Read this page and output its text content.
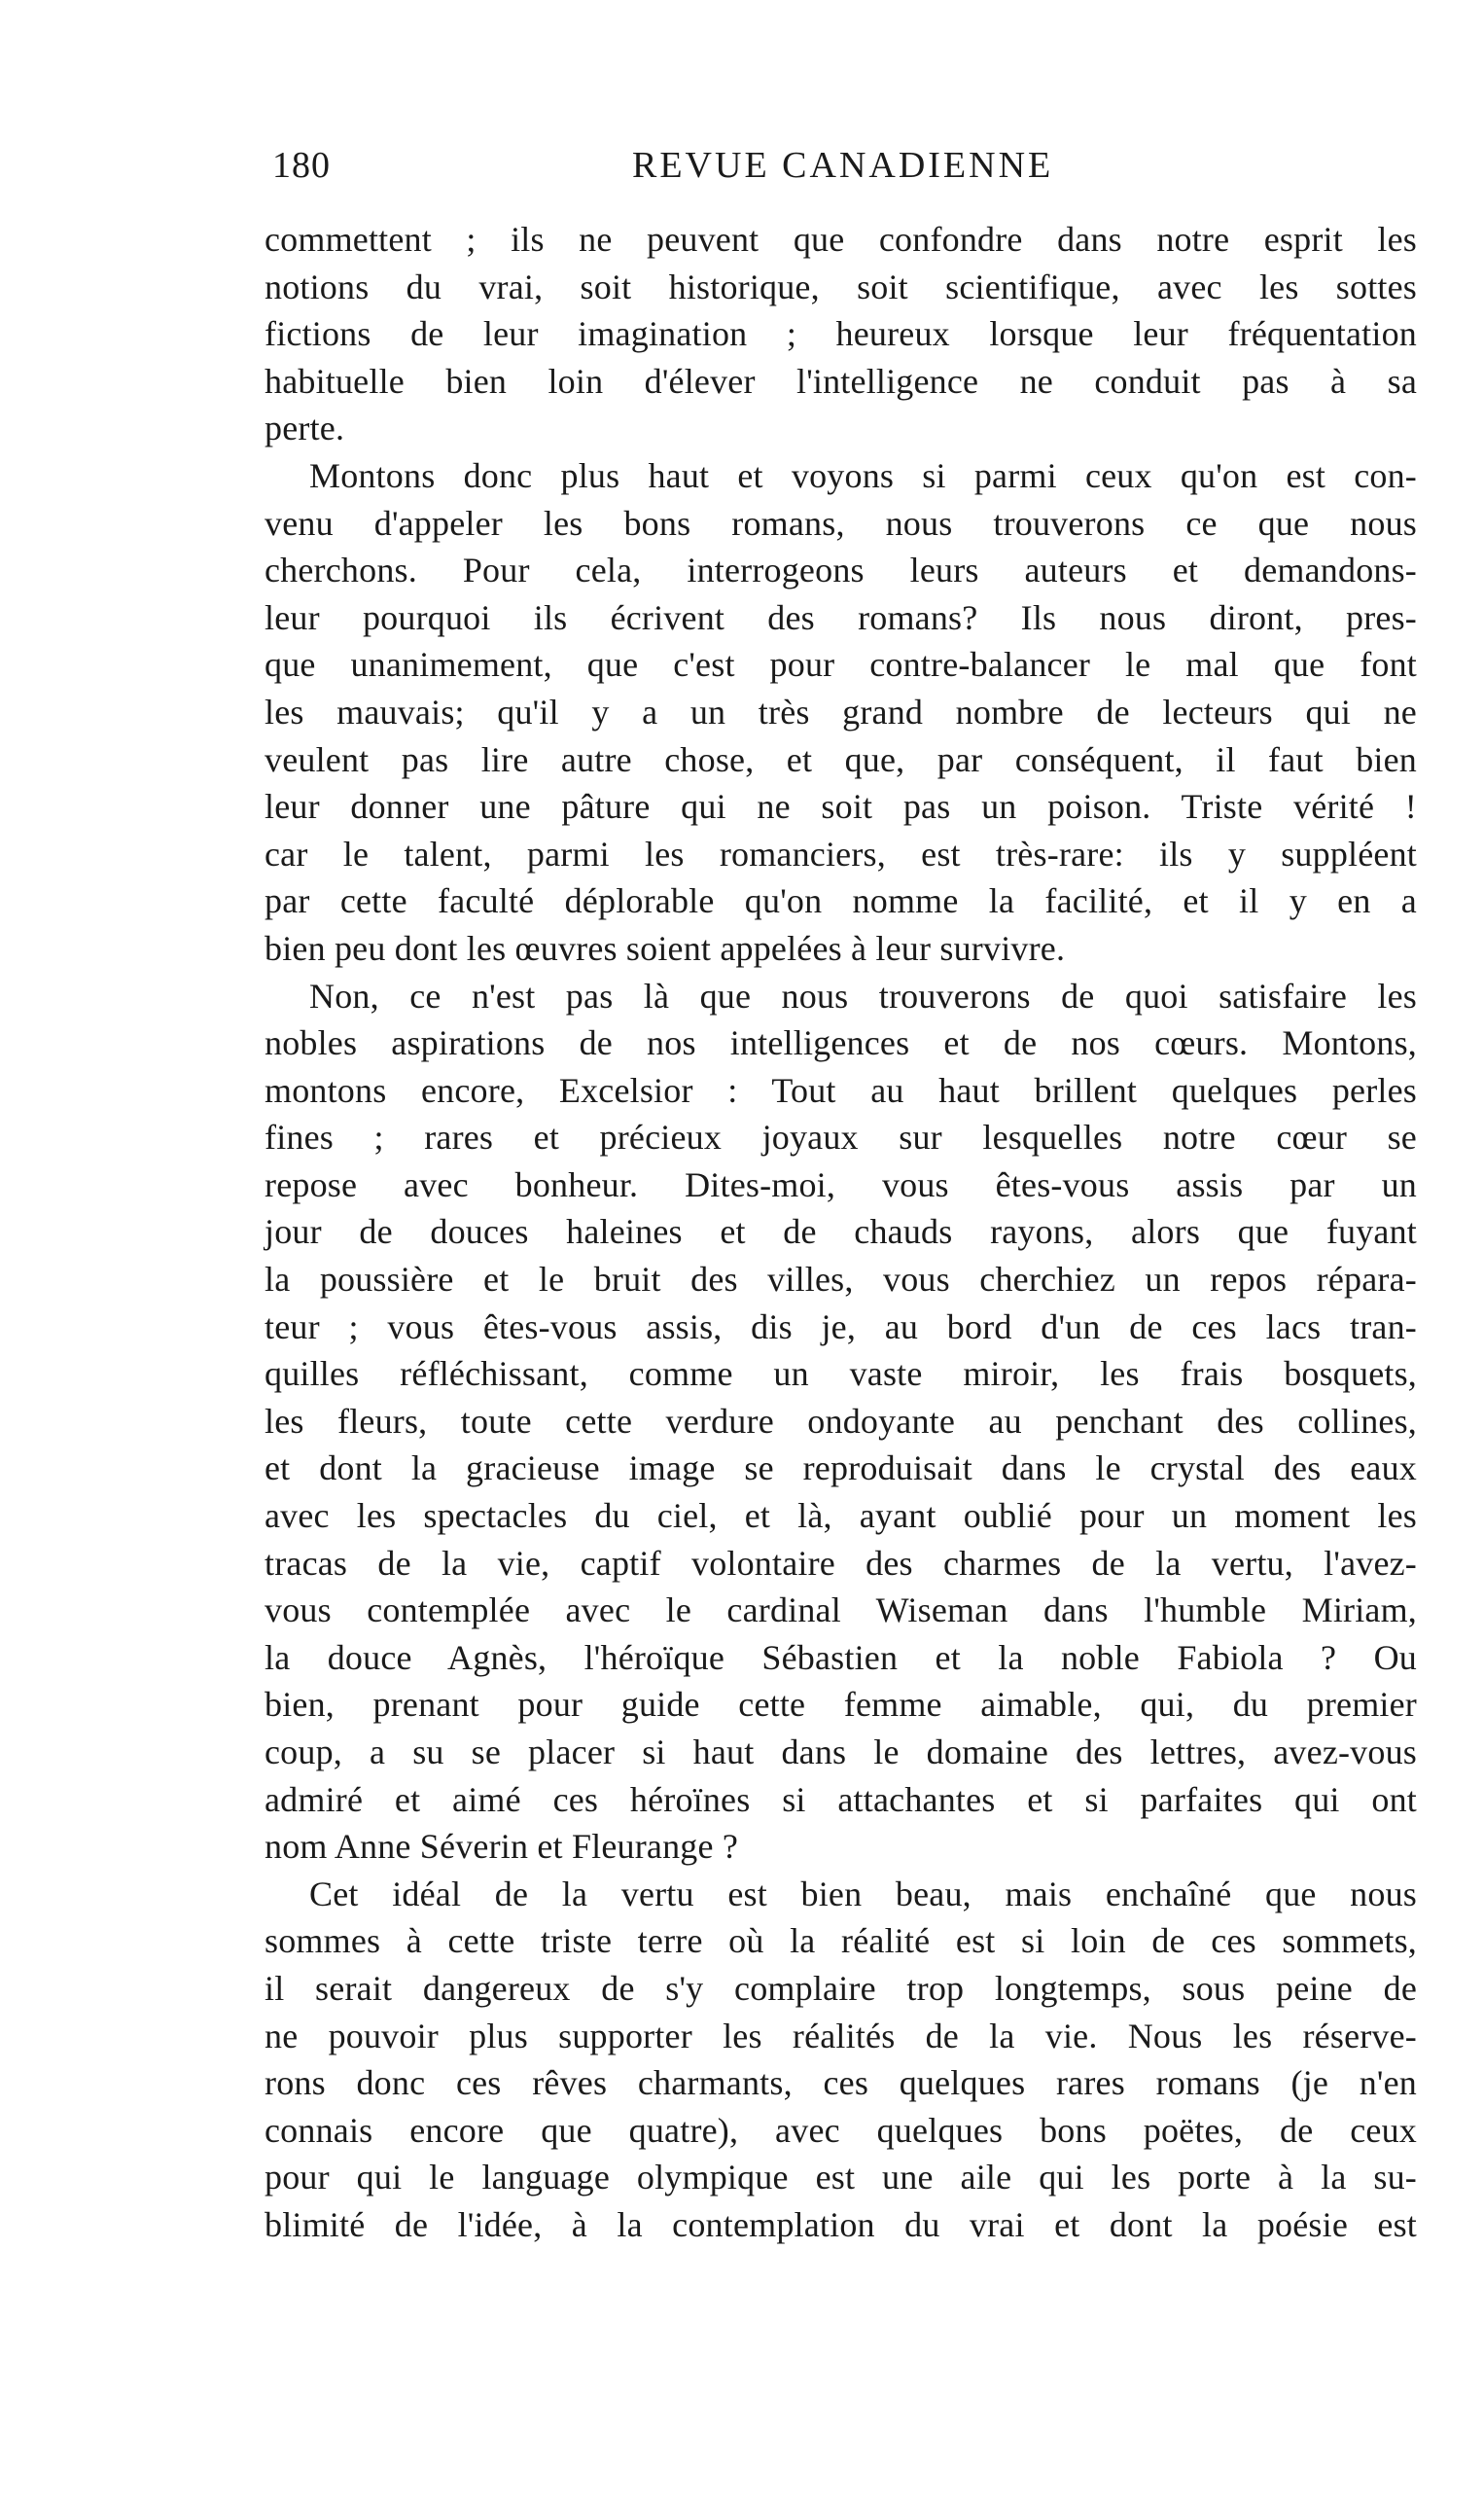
180	REVUE CANADIENNE
commettent ; ils ne peuvent que confondre dans notre esprit les
notions du vrai, soit historique, soit scientifique, avec les sottes
fictions de leur imagination ; heureux lorsque leur fréquentation
habituelle bien loin d'élever l'intelligence ne conduit pas à sa
perte.
Montons donc plus haut et voyons si parmi ceux qu'on est con-
venu d'appeler les bons romans, nous trouverons ce que nous
cherchons. Pour cela, interrogeons leurs auteurs et demandons-
leur pourquoi ils écrivent des romans? Ils nous diront, pres-
que unanimement, que c'est pour contre-balancer le mal que font
les mauvais; qu'il y a un très grand nombre de lecteurs qui ne
veulent pas lire autre chose, et que, par conséquent, il faut bien
leur donner une pâture qui ne soit pas un poison. Triste vérité !
car le talent, parmi les romanciers, est très-rare: ils y suppléent
par cette faculté déplorable qu'on nomme la facilité, et il y en a
bien peu dont les œuvres soient appelées à leur survivre.
Non, ce n'est pas là que nous trouverons de quoi satisfaire les
nobles aspirations de nos intelligences et de nos cœurs. Montons,
montons encore, Excelsior : Tout au haut brillent quelques perles
fines ; rares et précieux joyaux sur lesquelles notre cœur se
repose avec bonheur. Dites-moi, vous êtes-vous assis par un
jour de douces haleines et de chauds rayons, alors que fuyant
la poussière et le bruit des villes, vous cherchiez un repos répara-
teur ; vous êtes-vous assis, dis je, au bord d'un de ces lacs tran-
quilles réfléchissant, comme un vaste miroir, les frais bosquets,
les fleurs, toute cette verdure ondoyante au penchant des collines,
et dont la gracieuse image se reproduisait dans le crystal des eaux
avec les spectacles du ciel, et là, ayant oublié pour un moment les
tracas de la vie, captif volontaire des charmes de la vertu, l'avez-
vous contemplée avec le cardinal Wiseman dans l'humble Miriam,
la douce Agnès, l'héroïque Sébastien et la noble Fabiola ? Ou
bien, prenant pour guide cette femme aimable, qui, du premier
coup, a su se placer si haut dans le domaine des lettres, avez-vous
admiré et aimé ces héroïnes si attachantes et si parfaites qui ont
nom Anne Séverin et Fleurange ?
Cet idéal de la vertu est bien beau, mais enchaîné que nous
sommes à cette triste terre où la réalité est si loin de ces sommets,
il serait dangereux de s'y complaire trop longtemps, sous peine de
ne pouvoir plus supporter les réalités de la vie. Nous les réserve-
rons donc ces rêves charmants, ces quelques rares romans (je n'en
connais encore que quatre), avec quelques bons poëtes, de ceux
pour qui le language olympique est une aile qui les porte à la su-
blimité de l'idée, à la contemplation du vrai et dont la poésie est
